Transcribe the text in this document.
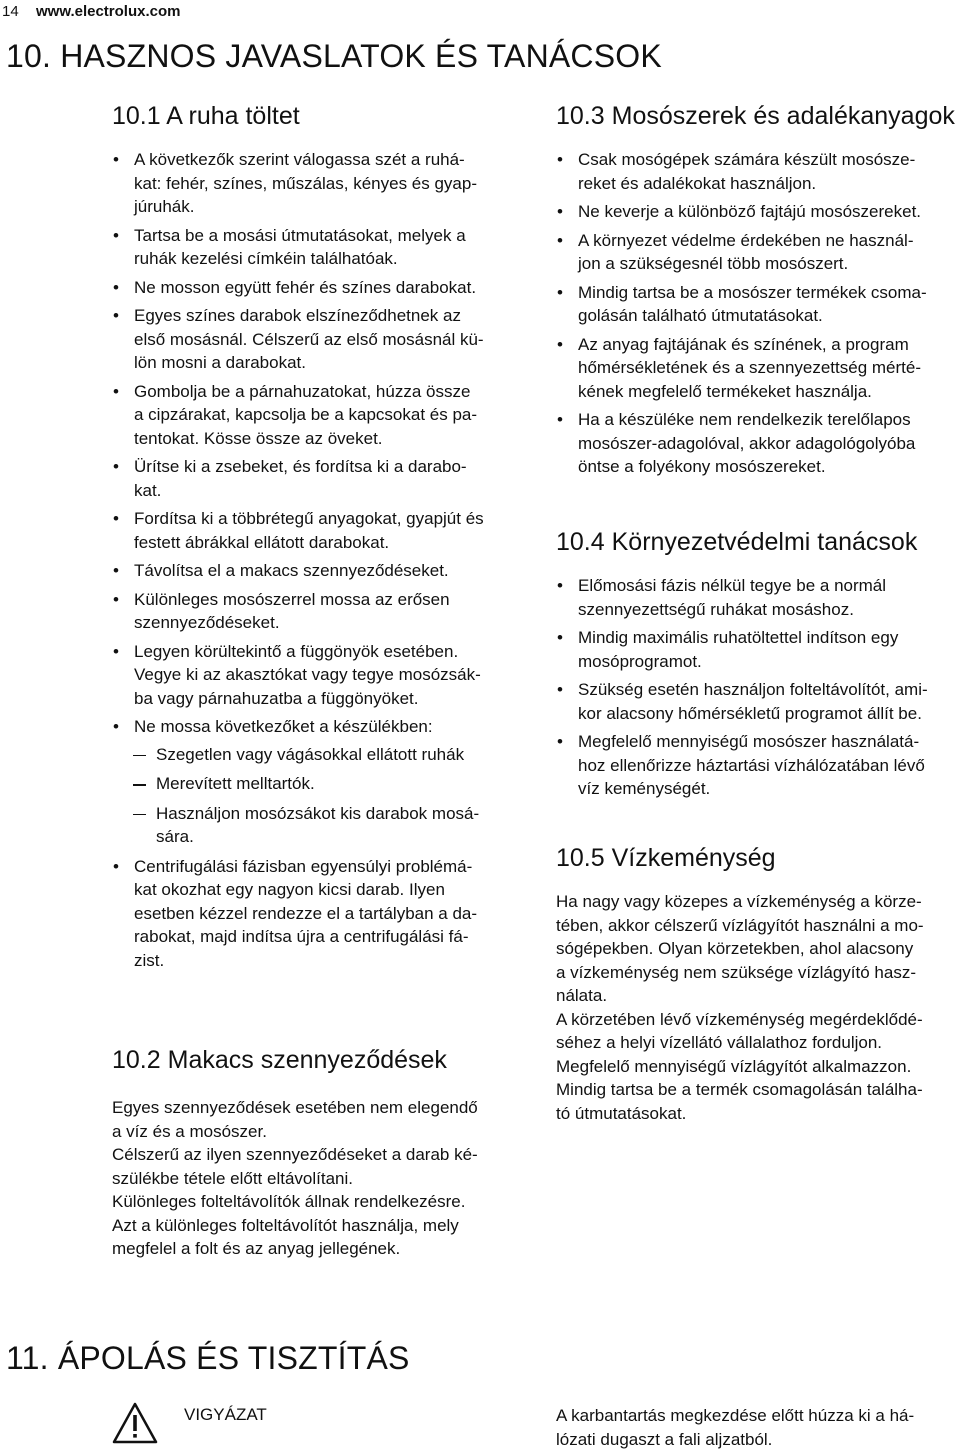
14 www.electrolux.com
10. HASZNOS JAVASLATOK ÉS TANÁCSOK
10.1 A ruha töltet
• A következők szerint válogassa szét a ruhá-
kat: fehér, színes, műszálas, kényes és gyap-
júruhák.
• Tartsa be a mosási útmutatásokat, melyek a
ruhák kezelési címkéin találhatóak.
• Ne mosson együtt fehér és színes darabokat.
• Egyes színes darabok elszíneződhetnek az
első mosásnál. Célszerű az első mosásnál kü-
lön mosni a darabokat.
• Gombolja be a párnahuzatokat, húzza össze
a cipzárakat, kapcsolja be a kapcsokat és pa-
tentokat. Kösse össze az öveket.
• Ürítse ki a zsebeket, és fordítsa ki a darabo-
kat.
• Fordítsa ki a többrétegű anyagokat, gyapjút és
festett ábrákkal ellátott darabokat.
• Távolítsa el a makacs szennyeződéseket.
• Különleges mosószerrel mossa az erősen
szennyeződéseket.
• Legyen körültekintő a függönyök esetében.
Vegye ki az akasztókat vagy tegye mosózsák-
ba vagy párnahuzatba a függönyöket.
• Ne mossa következőket a készülékben:
Szegetlen vagy vágásokkal ellátott ruhák
Merevített melltartók.
Használjon mosózsákot kis darabok mosá-
sára.
• Centrifugálási fázisban egyensúlyi problémá-
kat okozhat egy nagyon kicsi darab. Ilyen
esetben kézzel rendezze el a tartályban a da-
rabokat, majd indítsa újra a centrifugálási fá-
zist.
10.2 Makacs szennyeződések

Egyes szennyeződések esetében nem elegendő
a víz és a mosószer.

Célszerű az ilyen szennyeződéseket a darab ké-
szülékbe tétele előtt eltávolítani.

Különleges folteltávolítók állnak rendelkezésre.
Azt a különleges folteltávolítót használja, mely
megfelel a folt és az anyag jellegének.

10.3 Mosószerek és adalékanyagok
• Csak mosógépek számára készült mosósze-
reket és adalékokat használjon.
• Ne keverje a különböző fajtájú mosószereket.
• A környezet védelme érdekében ne használ-
jon a szükségesnél több mosószert.
• Mindig tartsa be a mosószer termékek csoma-
golásán található útmutatásokat.
• Az anyag fajtájának és színének, a program
hőmérsékletének és a szennyezettség mérté-
kének megfelelő termékeket használja.
• Ha a készüléke nem rendelkezik terelőlapos
mosószer-adagolóval, akkor adagológolyóba
öntse a folyékony mosószereket.
10.4 Környezetvédelmi tanácsok
• Előmosási fázis nélkül tegye be a normál
szennyezettségű ruhákat mosáshoz.
• Mindig maximális ruhatöltettel indítson egy
mosóprogramot.
• Szükség esetén használjon folteltávolítót, ami-
kor alacsony hőmérsékletű programot állít be.
• Megfelelő mennyiségű mosószer használatá-
hoz ellenőrizze háztartási vízhálózatában lévő
víz keménységét.
10.5 Vízkeménység

Ha nagy vagy közepes a vízkeménység a körze-
tében, akkor célszerű vízlágyítót használni a mo-
sógépekben. Olyan körzetekben, ahol alacsony
a vízkeménység nem szüksége vízlágyító hasz-
nálata.

A körzetében lévő vízkeménység megérdeklődé-
séhez a helyi vízellátó vállalathoz forduljon.

Megfelelő mennyiségű vízlágyítót alkalmazzon.
Mindig tartsa be a termék csomagolásán találha-
tó útmutatásokat.

11. ÁPOLÁS ÉS TISZTÍTÁS
VIGYÁZAT	A karbantartás megkezdése előtt húzza ki a há-
lózati dugaszt a fali aljzatból.
